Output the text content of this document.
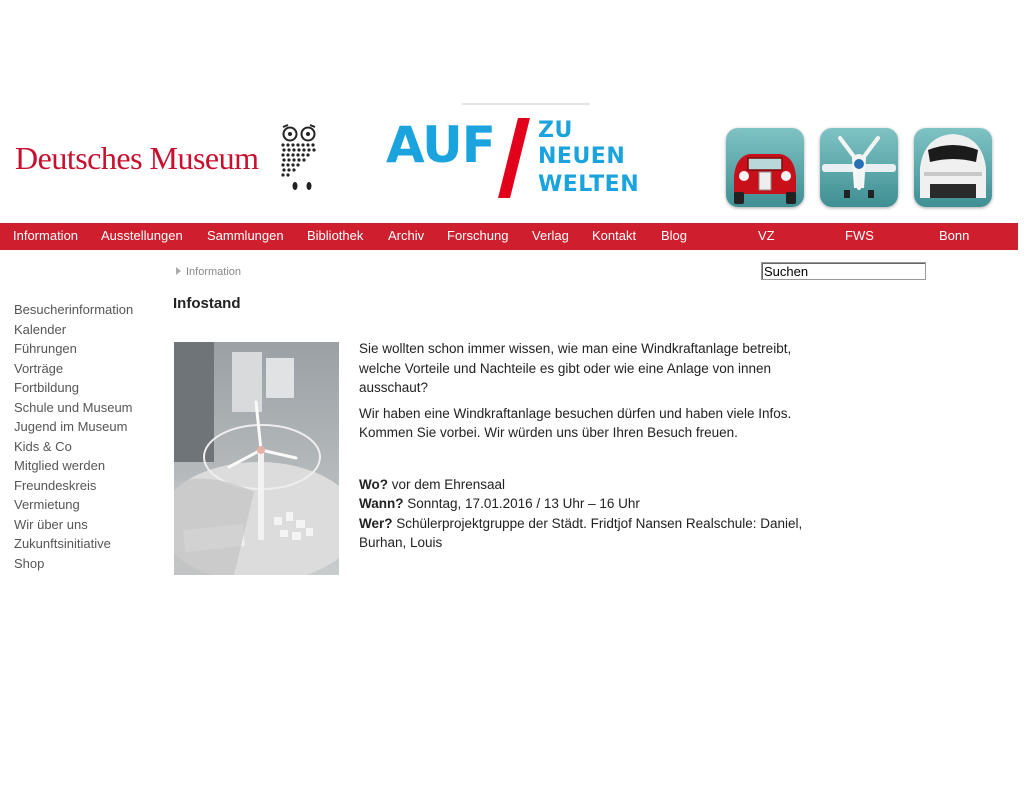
Deutsches Museum	AUF ZU
NEUEN
WELTEN
Information Ausstellungen Sammlungen Bibliothek Archiv Forschung Verlag Kontakt Blog	VZ	FWS	Bonn
Information
Suchen
Infostand
Besucherinformation
Kalender
Führungen
Vorträge
Fortbildung
Schule und Museum
Jugend im Museum
Kids & Co
Mitglied werden
Freundeskreis
Vermietung
Wir über uns
Zukunftsinitiative
Shop

Sie wollten schon immer wissen, wie man eine Windkraftanlage betreibt, welche Vorteile und Nachteile es gibt oder wie eine Anlage von innen ausschaut?

Wir haben eine Windkraftanlage besuchen dürfen und haben viele Infos. Kommen Sie vorbei. Wir würden uns über Ihren Besuch freuen.

Wo? vor dem Ehrensaal
Wann? Sonntag, 17.01.2016 / 13 Uhr – 16 Uhr
Wer? Schülerprojektgruppe der Städt. Fridtjof Nansen Realschule: Daniel, Burhan, Louis
